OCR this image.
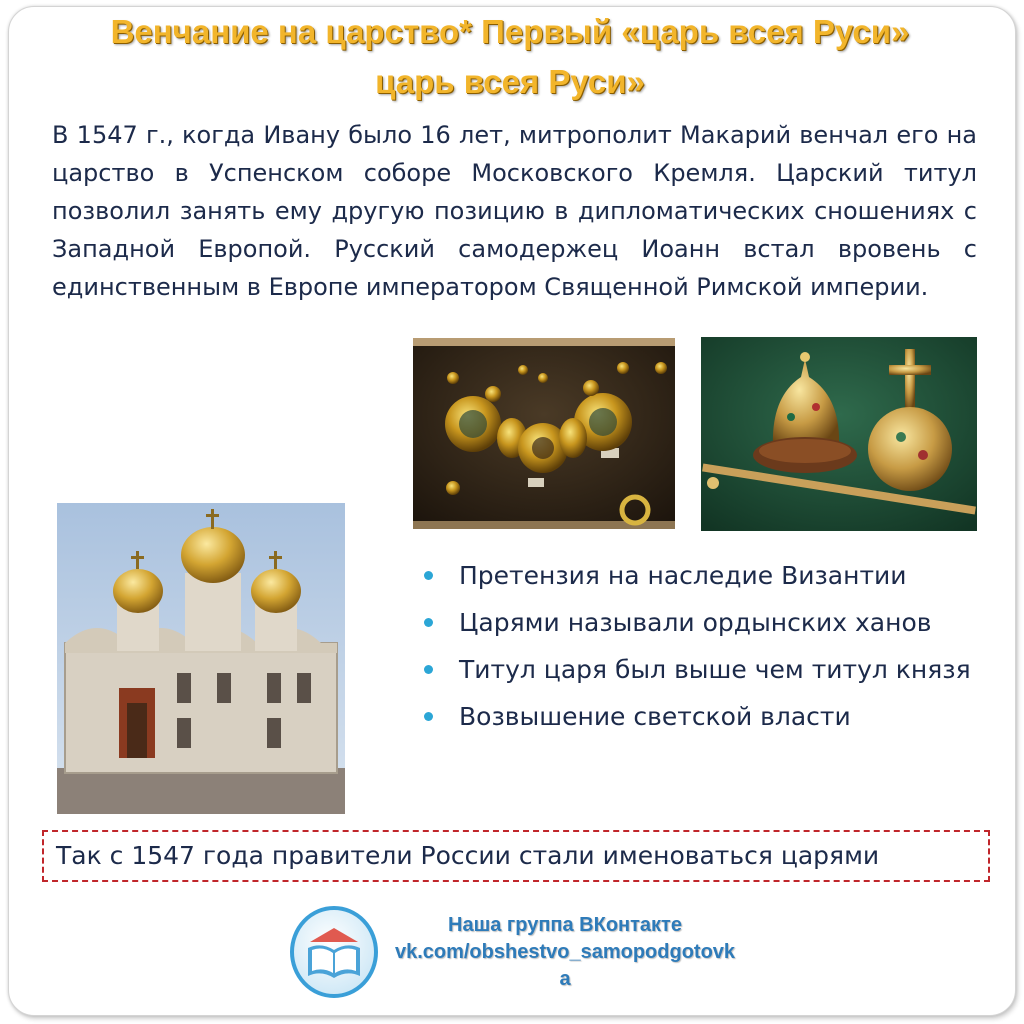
Венчание на царство* Первый «царь всея Руси»
царь всея Руси»

В 1547 г., когда Ивану было 16 лет, митрополит Макарий венчал его на царство в Успенском соборе Московского Кремля. Царский титул позволил занять ему другую позицию в дипломатических сношениях с Западной Европой. Русский самодержец Иоанн встал вровень с единственным в Европе императором Священной Римской империи.

Претензия на наследие Византии
Царями называли ордынских ханов
Титул царя был выше чем титул князя
Возвышение светской власти
Так с 1547 года правители России стали именоваться царями
Наша группа ВКонтакте
vk.com/obshestvo_samopodgotovk
a
